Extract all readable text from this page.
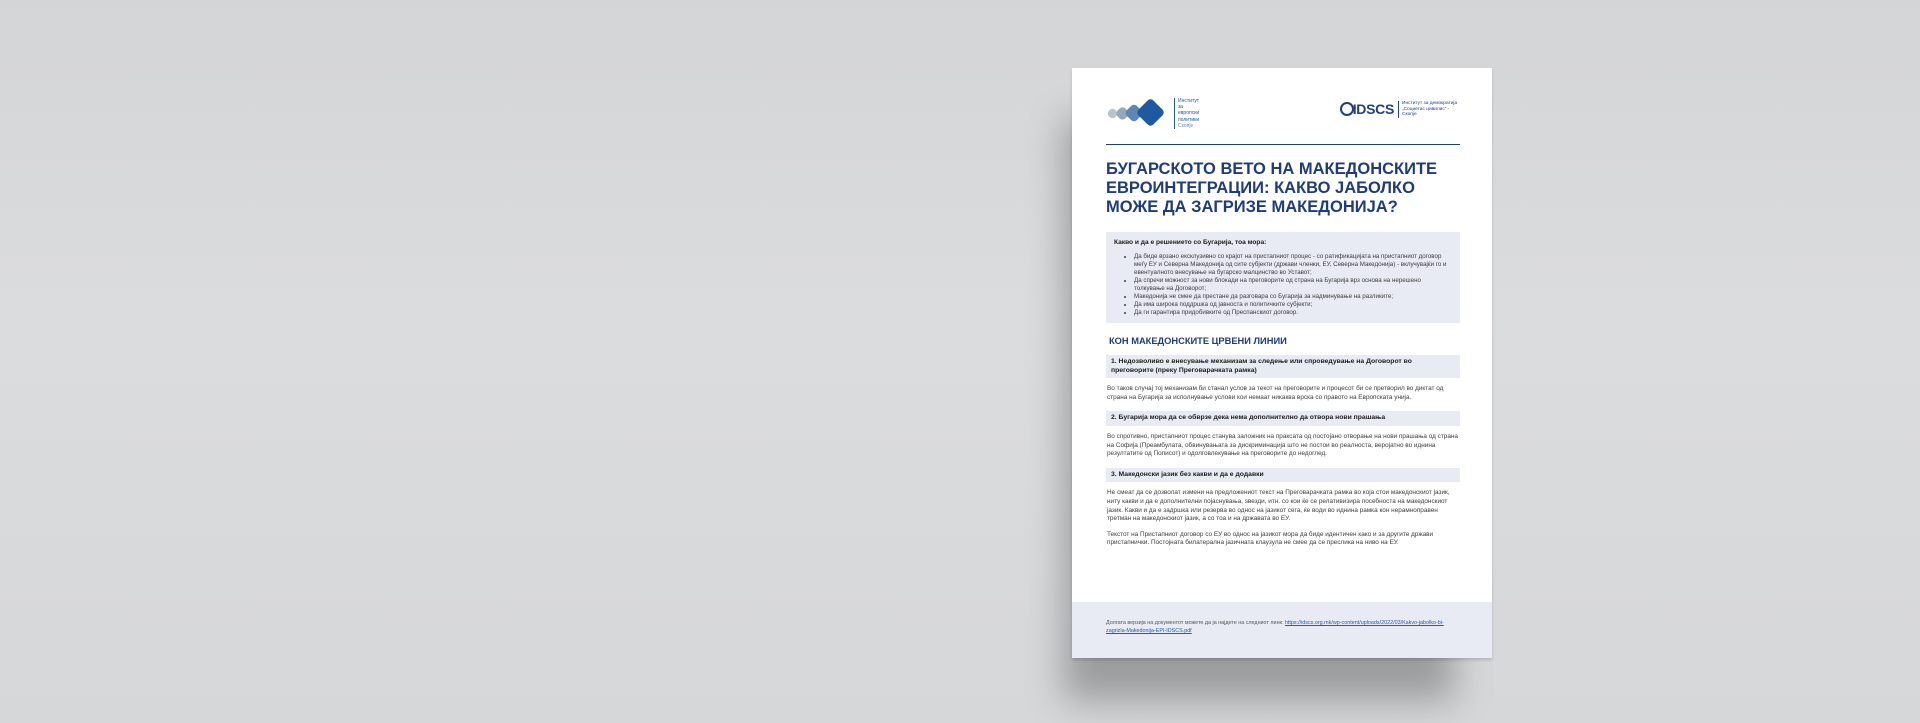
Институт
за
европски
политики
Скопје
IDSCS Институт за демократија
„Социетас цивилис“ - Скопје
БУГАРСКОТО ВЕТО НА МАКЕДОНСКИТЕ ЕВРОИНТЕГРАЦИИ: КАКВО ЈАБОЛКО МОЖЕ ДА ЗАГРИЗЕ МАКЕДОНИЈА?
Какво и да е решението со Бугарија, тоа мора:
• Да биде врзано ексклузивно со крајот на пристапниот процес - со ратификацијата на пристапниот договор меѓу ЕУ и Северна Македонија од сите субјекти (држави членки, ЕУ, Северна Македонија) - вклучувајќи го и евентуалното внесување на бугарско малцинство во Уставот;
• Да спречи можност за нови блокади на преговорите од страна на Бугарија врз основа на нерешено толкување на Договорот;
• Македонија не смее да престане да разговара со Бугарија за надминување на разликите;
• Да има широка поддршка од јавноста и политичките субјекти;
• Да ги гарантира придобивките од Преспанскиот договор.
КОН МАКЕДОНСКИТЕ ЦРВЕНИ ЛИНИИ
1. Недозволиво е внесување механизам за следење или спроведување на Договорот во преговорите (преку Преговарачката рамка)
Во таков случај тој механизам би станал услов за текот на преговорите и процесот би се претворил во диктат од страна на Бугарија за исполнување услови кои немаат никаква врска со правото на Европската унија.
2. Бугарија мора да се обврзе дека нема дополнително да отвора нови прашања
Во спротивно, пристапниот процес станува заложник на праксата од постојано отворање на нови прашања од страна на Софија (Преамбулата, обвинувањата за дискриминација што не постои во реалноста, веројатно во иднина резултатите од Пописот) и одолговлекување на преговорите до недоглед.
3. Македонски јазик без какви и да е додавки
Не смеат да се дозволат измени на предложениот текст на Преговарачката рамка во која стои македонскиот јазик, ниту какви и да е дополнителни појаснувања, ѕвезди, итн. со кои ќе се релативизира посебноста на македонскиот јазик. Какви и да е задршка или резерва во однос на јазикот сега, ќе води во иднина рамка кон нерамноправен третман на македонскиот јазик, а со тоа и на државата во ЕУ.
Текстот на Пристапниот договор со ЕУ во однос на јазикот мора да биде идентичен како и за другите држави пристапнички. Постојната билатерална јазичната клаузула не смее да се пресликa на ниво на ЕУ.
Долгата верзија на документот можете да ја најдете на следниот линк: https://idscs.org.mk/wp-content/uploads/2022/03/Kakvo-jabolko-bi-zagrizla-Makedonija-EPI-IDSCS.pdf
